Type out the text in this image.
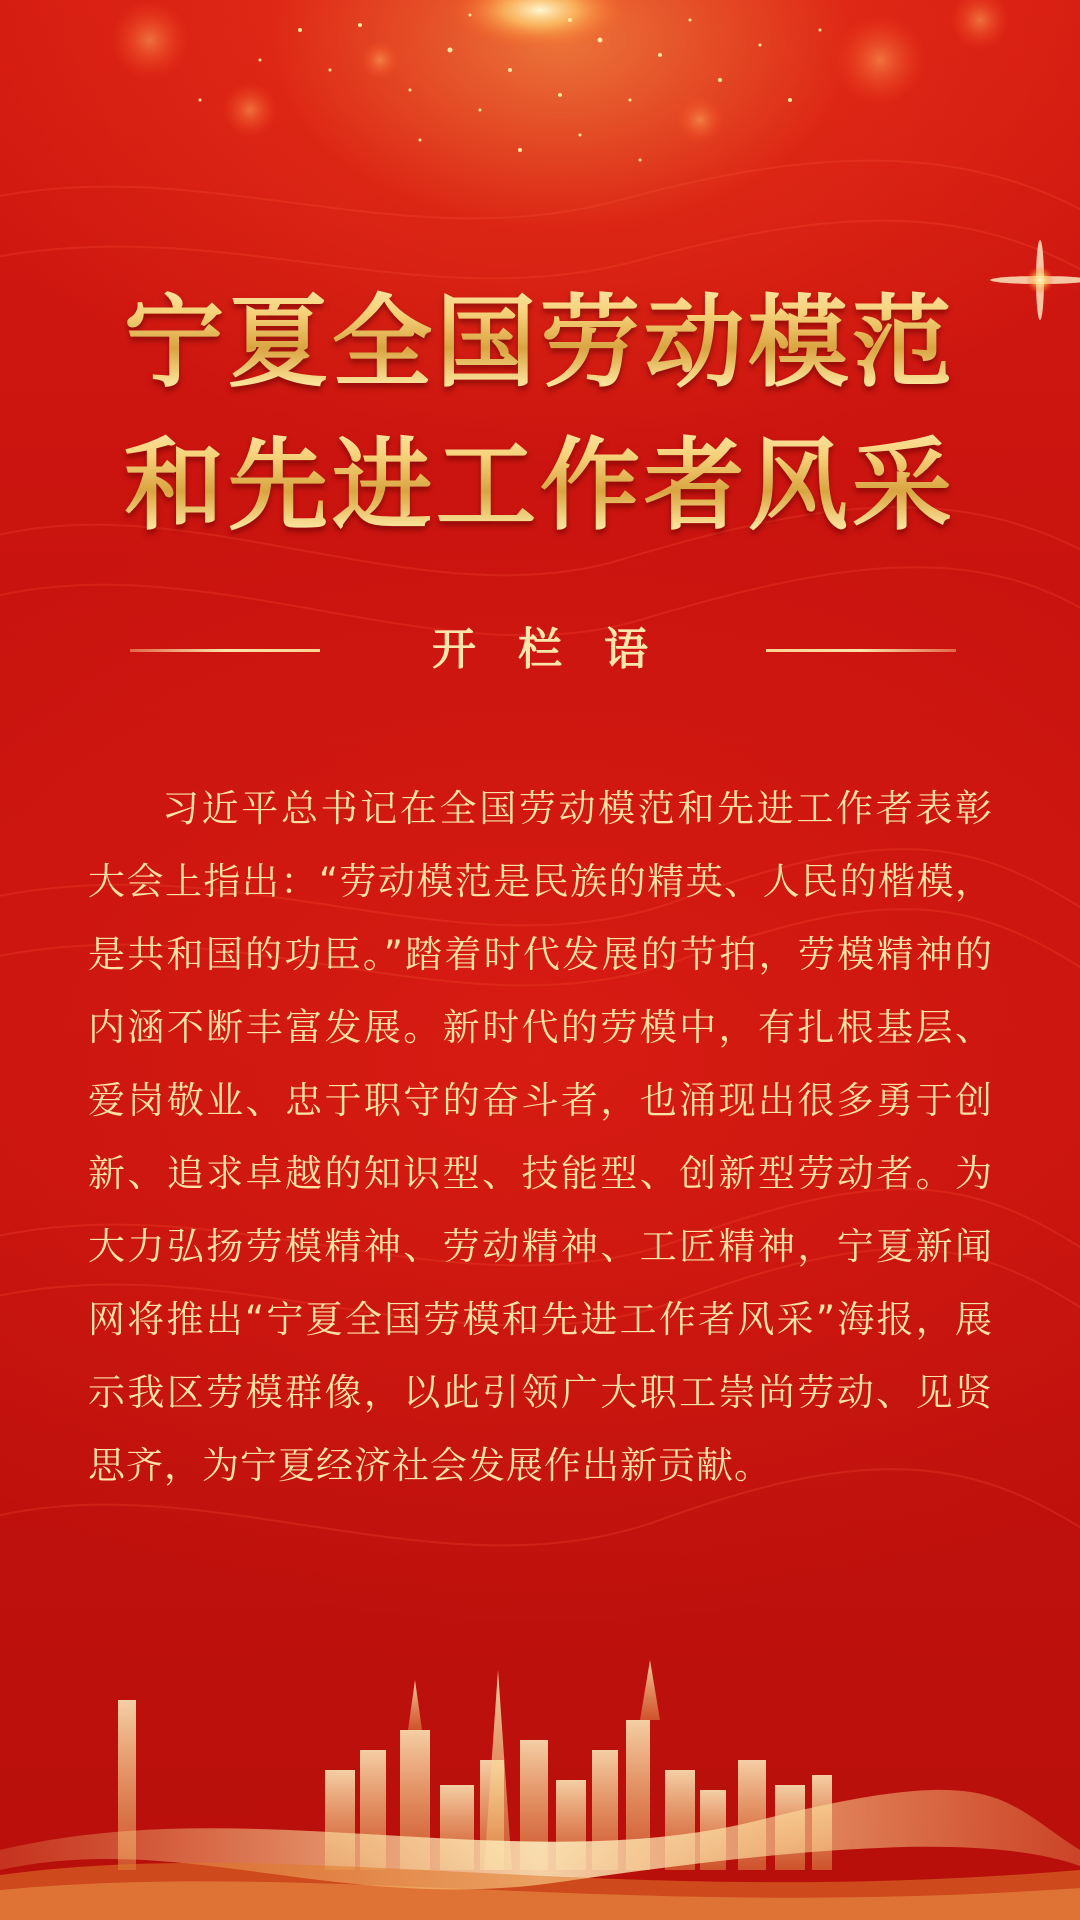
宁夏全国劳动模范
和先进工作者风采
开栏语
习近平总书记在全国劳动模范和先进工作者表彰大会上指出：“劳动模范是民族的精英、人民的楷模，是共和国的功臣。”踏着时代发展的节拍，劳模精神的内涵不断丰富发展。新时代的劳模中，有扎根基层、爱岗敬业、忠于职守的奋斗者，也涌现出很多勇于创新、追求卓越的知识型、技能型、创新型劳动者。为大力弘扬劳模精神、劳动精神、工匠精神，宁夏新闻网将推出“宁夏全国劳模和先进工作者风采”海报，展示我区劳模群像，以此引领广大职工崇尚劳动、见贤思齐，为宁夏经济社会发展作出新贡献。
